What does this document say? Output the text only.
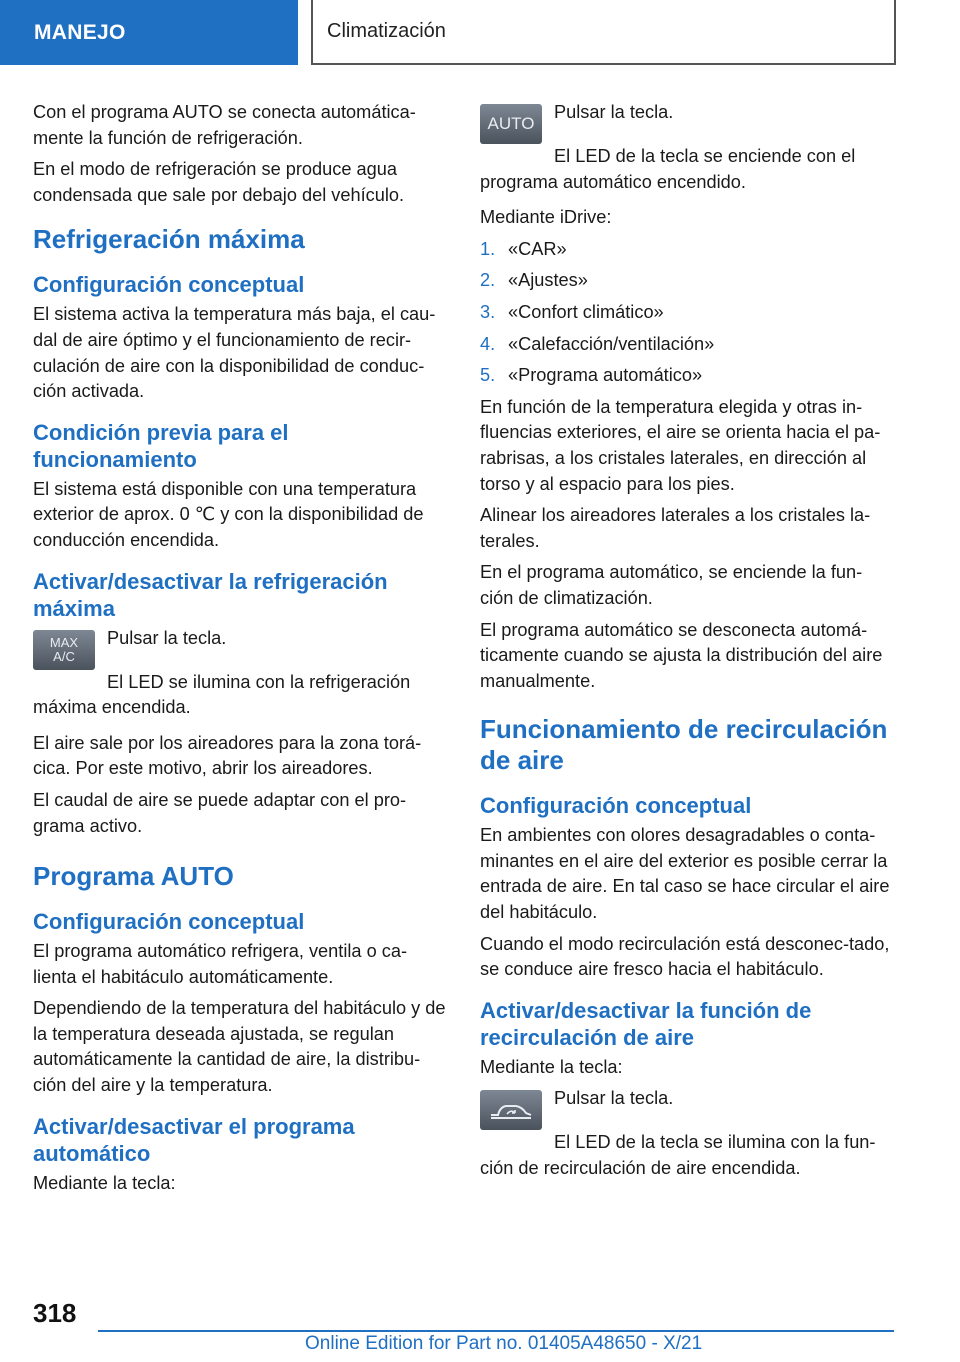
MANEJO	Climatización

Con el programa AUTO se conecta automática-mente la función de refrigeración.

En el modo de refrigeración se produce agua condensada que sale por debajo del vehículo.

Refrigeración máxima
Configuración conceptual

El sistema activa la temperatura más baja, el cau-dal de aire óptimo y el funcionamiento de recir-culación de aire con la disponibilidad de conduc-ción activada.

Condición previa para el funcionamiento

El sistema está disponible con una temperatura exterior de aprox. 0 ℃ y con la disponibilidad de conducción encendida.

Activar/desactivar la refrigeración máxima
MAX
A/C

Pulsar la tecla.

El LED se ilumina con la refrigeración máxima encendida.

El aire sale por los aireadores para la zona torá-cica. Por este motivo, abrir los aireadores.

El caudal de aire se puede adaptar con el pro-grama activo.

Programa AUTO
Configuración conceptual

El programa automático refrigera, ventila o ca-lienta el habitáculo automáticamente.

Dependiendo de la temperatura del habitáculo y de la temperatura deseada ajustada, se regulan automáticamente la cantidad de aire, la distribu-ción del aire y la temperatura.

Activar/desactivar el programa automático

Mediante la tecla:

AUTO

Pulsar la tecla.

El LED de la tecla se enciende con el programa automático encendido.

Mediante iDrive:

1. «CAR»
2. «Ajustes»
3. «Confort climático»
4. «Calefacción/ventilación»
5. «Programa automático»

En función de la temperatura elegida y otras in-fluencias exteriores, el aire se orienta hacia el pa-rabrisas, a los cristales laterales, en dirección al torso y al espacio para los pies.

Alinear los aireadores laterales a los cristales la-terales.

En el programa automático, se enciende la fun-ción de climatización.

El programa automático se desconecta automá-ticamente cuando se ajusta la distribución del aire manualmente.

Funcionamiento de recirculación de aire
Configuración conceptual

En ambientes con olores desagradables o conta-minantes en el aire del exterior es posible cerrar la entrada de aire. En tal caso se hace circular el aire del habitáculo.

Cuando el modo recirculación está desconec-tado, se conduce aire fresco hacia el habitáculo.

Activar/desactivar la función de recirculación de aire

Mediante la tecla:

Pulsar la tecla.

El LED de la tecla se ilumina con la fun-ción de recirculación de aire encendida.

318
Online Edition for Part no. 01405A48650 - X/21
